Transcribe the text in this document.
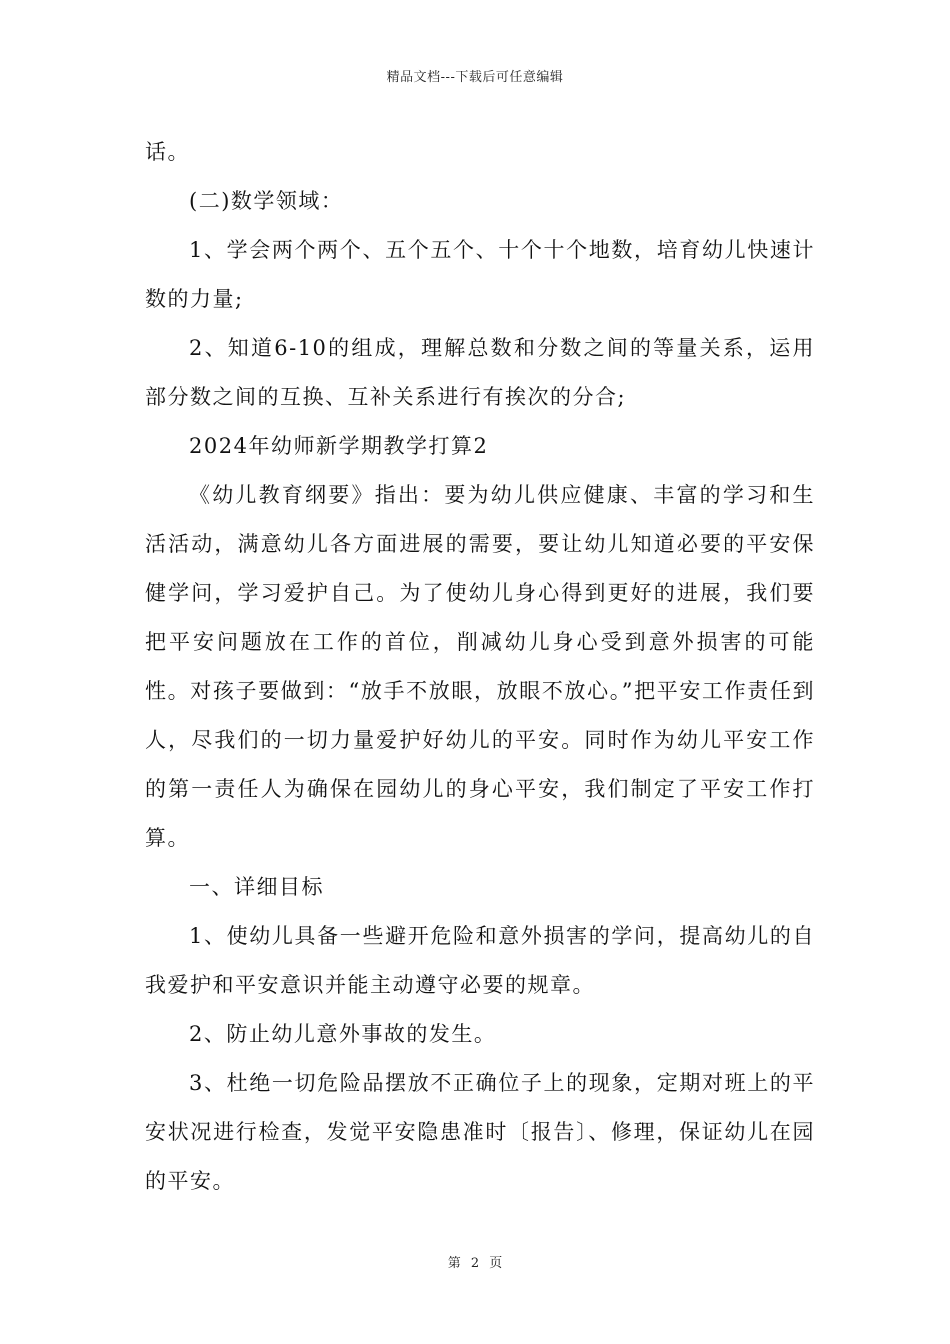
精品文档---下载后可任意编辑

话。

(二)数学领域：

1、学会两个两个、五个五个、十个十个地数，培育幼儿快速计数的力量;

2、知道6-10的组成，理解总数和分数之间的等量关系，运用部分数之间的互换、互补关系进行有挨次的分合;

2024年幼师新学期教学打算2

《幼儿教育纲要》指出：要为幼儿供应健康、丰富的学习和生活活动，满意幼儿各方面进展的需要，要让幼儿知道必要的平安保健学问，学习爱护自己。为了使幼儿身心得到更好的进展，我们要把平安问题放在工作的首位，削减幼儿身心受到意外损害的可能性。对孩子要做到：“放手不放眼，放眼不放心。”把平安工作责任到人，尽我们的一切力量爱护好幼儿的平安。同时作为幼儿平安工作的第一责任人为确保在园幼儿的身心平安，我们制定了平安工作打算。

一、详细目标

1、使幼儿具备一些避开危险和意外损害的学问，提高幼儿的自我爱护和平安意识并能主动遵守必要的规章。

2、防止幼儿意外事故的发生。

3、杜绝一切危险品摆放不正确位子上的现象，定期对班上的平安状况进行检查，发觉平安隐患准时〔报告〕、修理，保证幼儿在园的平安。

第 2 页
